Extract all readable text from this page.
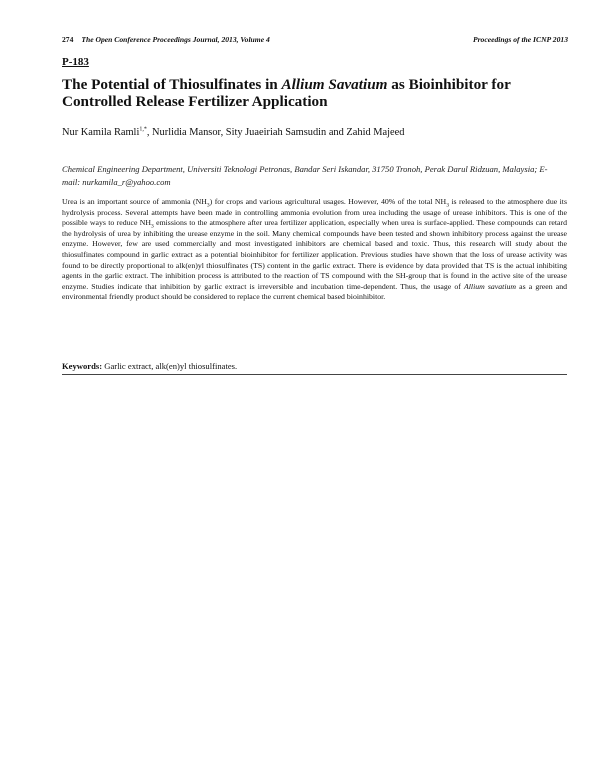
274 The Open Conference Proceedings Journal, 2013, Volume 4	Proceedings of the ICNP 2013
P-183
The Potential of Thiosulfinates in Allium Savatium as Bioinhibitor for Controlled Release Fertilizer Application
Nur Kamila Ramli$^{1,*}$, Nurlidia Mansor, Sity Juaeiriah Samsudin and Zahid Majeed
Chemical Engineering Department, Universiti Teknologi Petronas, Bandar Seri Iskandar, 31750 Tronoh, Perak Darul Ridzuan, Malaysia; E-mail: nurkamila_r@yahoo.com

Urea is an important source of ammonia $(NH_3)$ for crops and various agricultural usages. However, 40% of the total $NH_3$ is released to the atmosphere due its hydrolysis process. Several attempts have been made in controlling ammonia evolution from urea including the usage of urease inhibitors. This is one of the possible ways to reduce $NH_3$ emissions to the atmosphere after urea fertilizer application, especially when urea is surface-applied. These compounds can retard the hydrolysis of urea by inhibiting the urease enzyme in the soil. Many chemical compounds have been tested and shown inhibitory process against the urease enzyme. However, few are used commercially and most investigated inhibitors are chemical based and toxic. Thus, this research will study about the thiosulfinates compound in garlic extract as a potential bioinhibitor for fertilizer application. Previous studies have shown that the loss of urease activity was found to be directly proportional to alk(en)yl thiosulfinates (TS) content in the garlic extract. There is evidence by data provided that TS is the actual inhibiting agents in the garlic extract. The inhibition process is attributed to the reaction of TS compound with the SH-group that is found in the active site of the urease enzyme. Studies indicate that inhibition by garlic extract is irreversible and incubation time-dependent. Thus, the usage of Allium savatium as a green and environmental friendly product should be considered to replace the current chemical based bioinhibitor.

Keywords: Garlic extract, alk(en)yl thiosulfinates.
